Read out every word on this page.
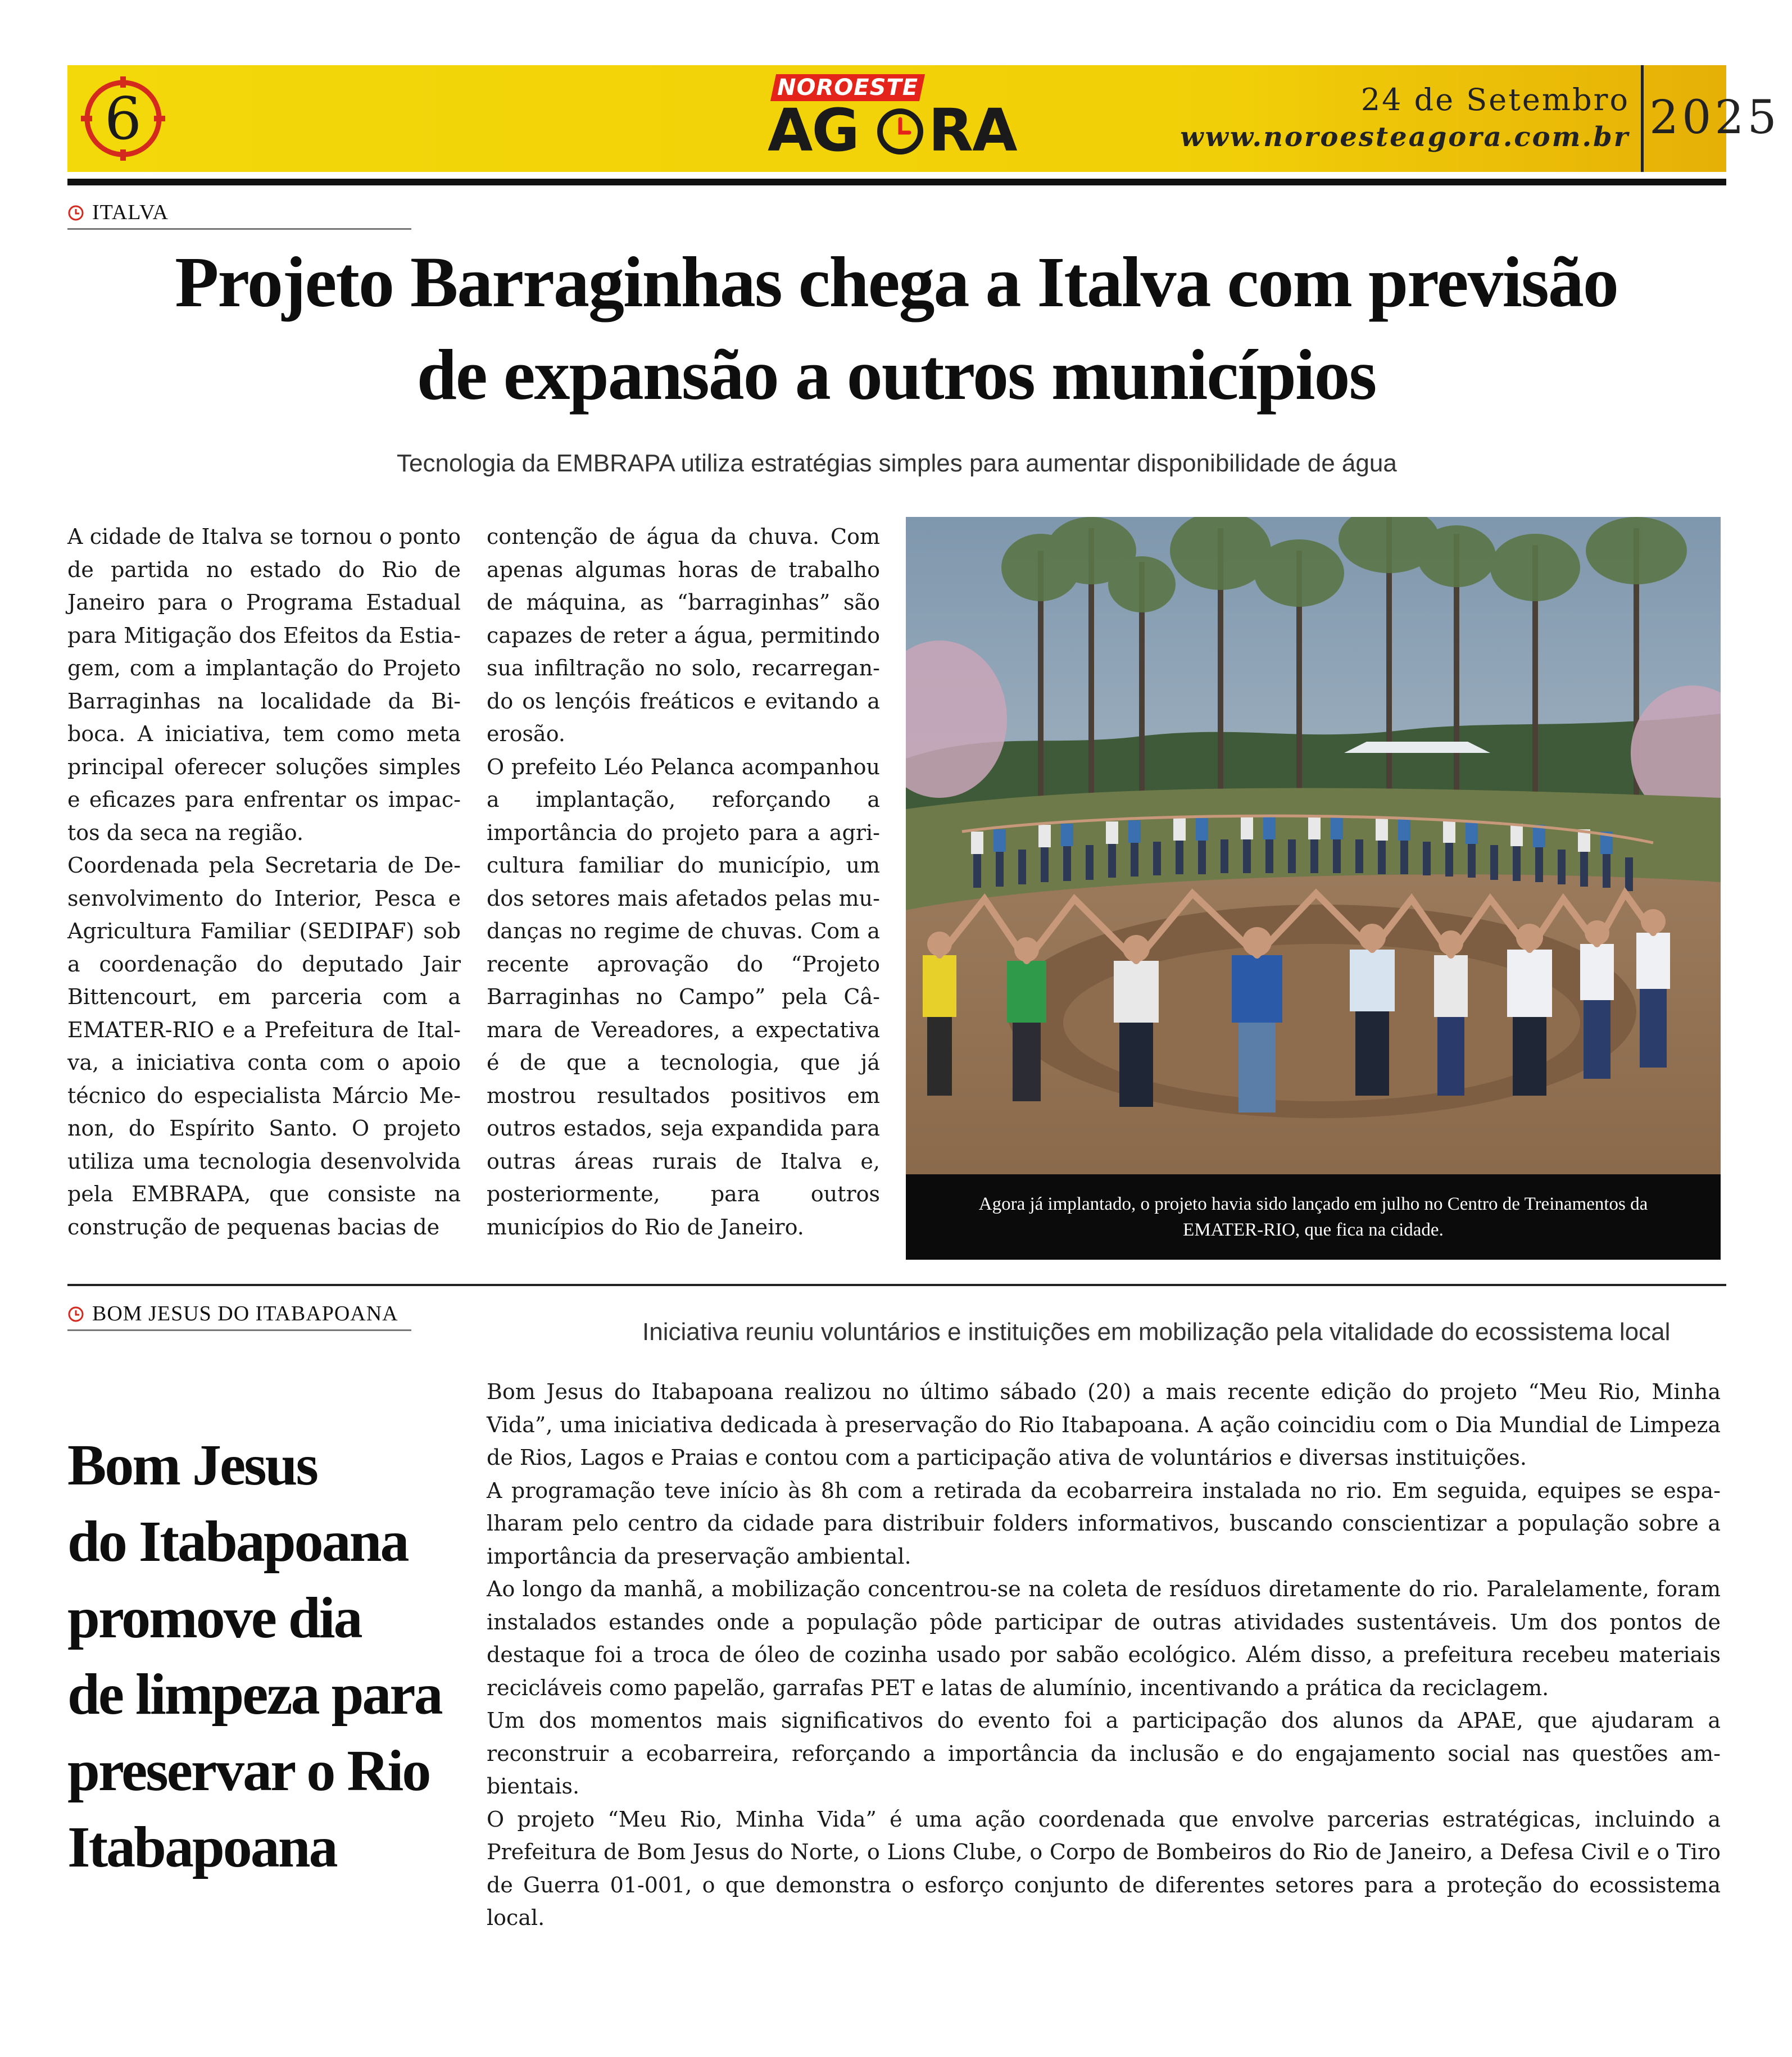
6	NOROESTE
AG RA	24 de Setembro
www.noroesteagora.com.br 2025
ITALVA
Projeto Barraginhas chega a Italva com previsão
de expansão a outros municípios
Tecnologia da EMBRAPA utiliza estratégias simples para aumentar disponibilidade de água

A cidade de Italva se tornou o ponto de partida no estado do Rio de Janeiro para o Programa Estadual para Mitigação dos Efeitos da Estiagem, com a implantação do Projeto Barraginhas na localidade da Biboca. A iniciativa, tem como meta principal oferecer soluções simples e eficazes para enfrentar os impactos da seca na região.

Coordenada pela Secretaria de Desenvolvimento do Interior, Pesca e Agricultura Familiar (SEDIPAF) sob a coordenação do deputado Jair Bittencourt, em parceria com a EMATER-RIO e a Prefeitura de Italva, a iniciativa conta com o apoio técnico do especialista Márcio Menon, do Espírito Santo. O projeto utiliza uma tecnologia desenvolvida pela EMBRAPA, que consiste na construção de pequenas bacias de

contenção de água da chuva. Com apenas algumas horas de trabalho de máquina, as “barraginhas” são capazes de reter a água, permitindo sua infiltração no solo, recarregando os lençóis freáticos e evitando a erosão.

O prefeito Léo Pelanca acompanhou a implantação, reforçando a importância do projeto para a agricultura familiar do município, um dos setores mais afetados pelas mudanças no regime de chuvas. Com a recente aprovação do “Projeto Barraginhas no Campo” pela Câmara de Vereadores, a expectativa é de que a tecnologia, que já mostrou resultados positivos em outros estados, seja expandida para outras áreas rurais de Italva e, posteriormente, para outros municípios do Rio de Janeiro.

Agora já implantado, o projeto havia sido lançado em julho no Centro de Treinamentos da EMATER-RIO, que fica na cidade.
BOM JESUS DO ITABAPOANA
Iniciativa reuniu voluntários e instituições em mobilização pela vitalidade do ecossistema local
Bom Jesus
do Itabapoana
promove dia
de limpeza para
preservar o Rio
Itabapoana

Bom Jesus do Itabapoana realizou no último sábado (20) a mais recente edição do projeto “Meu Rio, Minha Vida”, uma iniciativa dedicada à preservação do Rio Itabapoana. A ação coincidiu com o Dia Mundial de Limpeza de Rios, Lagos e Praias e contou com a participação ativa de voluntários e diversas instituições.

A programação teve início às 8h com a retirada da ecobarreira instalada no rio. Em seguida, equipes se espalharam pelo centro da cidade para distribuir folders informativos, buscando conscientizar a população sobre a importância da preservação ambiental.

Ao longo da manhã, a mobilização concentrou-se na coleta de resíduos diretamente do rio. Paralelamente, foram instalados estandes onde a população pôde participar de outras atividades sustentáveis. Um dos pontos de destaque foi a troca de óleo de cozinha usado por sabão ecológico. Além disso, a prefeitura recebeu materiais recicláveis como papelão, garrafas PET e latas de alumínio, incentivando a prática da reciclagem.

Um dos momentos mais significativos do evento foi a participação dos alunos da APAE, que ajudaram a reconstruir a ecobarreira, reforçando a importância da inclusão e do engajamento social nas questões ambientais.

O projeto “Meu Rio, Minha Vida” é uma ação coordenada que envolve parcerias estratégicas, incluindo a Prefeitura de Bom Jesus do Norte, o Lions Clube, o Corpo de Bombeiros do Rio de Janeiro, a Defesa Civil e o Tiro de Guerra 01-001, o que demonstra o esforço conjunto de diferentes setores para a proteção do ecossistema local.
